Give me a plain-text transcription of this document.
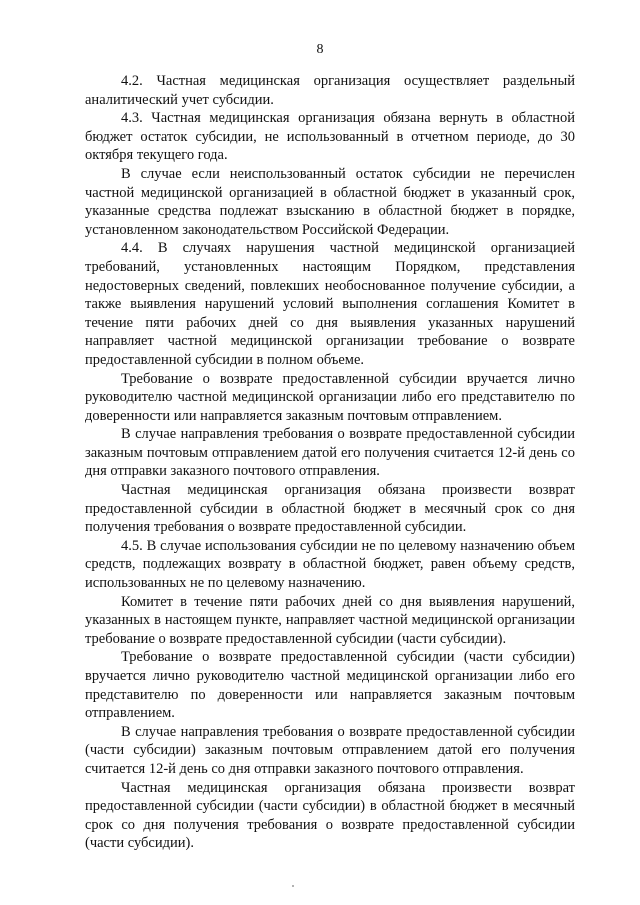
8

4.2. Частная медицинская организация осуществляет раздельный аналитический учет субсидии.

4.3. Частная медицинская организация обязана вернуть в областной бюджет остаток субсидии, не использованный в отчетном периоде, до 30 октября текущего года.

В случае если неиспользованный остаток субсидии не перечислен частной медицинской организацией в областной бюджет в указанный срок, указанные средства подлежат взысканию в областной бюджет в порядке, установленном законодательством Российской Федерации.

4.4. В случаях нарушения частной медицинской организацией требований, установленных настоящим Порядком, представления недостоверных сведений, повлекших необоснованное получение субсидии, а также выявления нарушений условий выполнения соглашения Комитет в течение пяти рабочих дней со дня выявления указанных нарушений направляет частной медицинской организации требование о возврате предоставленной субсидии в полном объеме.

Требование о возврате предоставленной субсидии вручается лично руководителю частной медицинской организации либо его представителю по доверенности или направляется заказным почтовым отправлением.

В случае направления требования о возврате предоставленной субсидии заказным почтовым отправлением датой его получения считается 12-й день со дня отправки заказного почтового отправления.

Частная медицинская организация обязана произвести возврат предоставленной субсидии в областной бюджет в месячный срок со дня получения требования о возврате предоставленной субсидии.

4.5. В случае использования субсидии не по целевому назначению объем средств, подлежащих возврату в областной бюджет, равен объему средств, использованных не по целевому назначению.

Комитет в течение пяти рабочих дней со дня выявления нарушений, указанных в настоящем пункте, направляет частной медицинской организации требование о возврате предоставленной субсидии (части субсидии).

Требование о возврате предоставленной субсидии (части субсидии) вручается лично руководителю частной медицинской организации либо его представителю по доверенности или направляется заказным почтовым отправлением.

В случае направления требования о возврате предоставленной субсидии (части субсидии) заказным почтовым отправлением датой его получения считается 12-й день со дня отправки заказного почтового отправления.

Частная медицинская организация обязана произвести возврат предоставленной субсидии (части субсидии) в областной бюджет в месячный срок со дня получения требования о возврате предоставленной субсидии (части субсидии).
